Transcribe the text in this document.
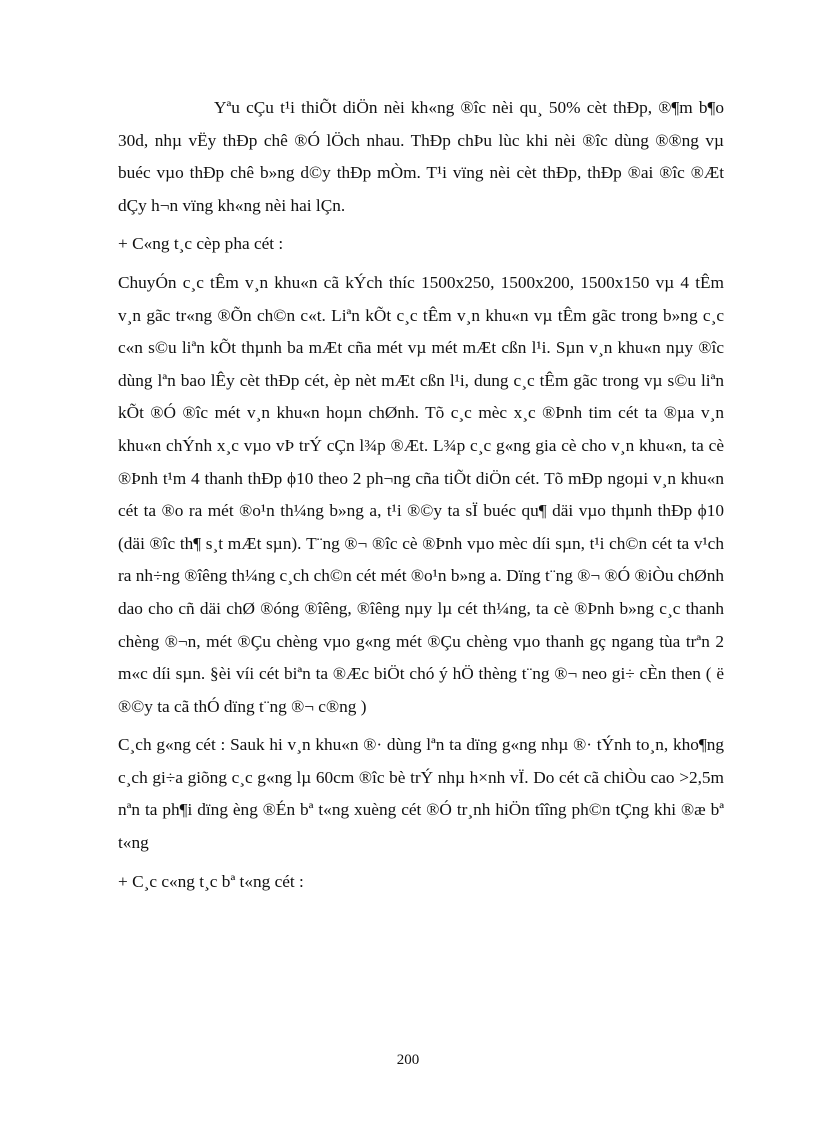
Yªu cÇu t¹i thiÕt diÖn nèi kh«ng ®îc nèi qu¸ 50% cèt thÐp, ®¶m b¶o 30d, nhµ vËy thÐp chê ®Ó lÖch nhau. ThÐp chÞu lùc khi nèi ®îc dùng ®®ng vµ buéc vµo thÐp chê b»ng d©y thÐp mÒm. T¹i vïng nèi cèt thÐp, thÐp ®ai ®îc ®Æt dÇy h¬n vïng kh«ng nèi hai lÇn.

+ C«ng t¸c cèp pha cét :

ChuyÓn c¸c tÊm v¸n khu«n cã kÝch thíc 1500x250, 1500x200, 1500x150 vµ 4 tÊm v¸n gãc tr«ng ®Õn ch©n c«t. Liªn kÕt c¸c tÊm v¸n khu«n vµ tÊm gãc trong b»ng c¸c c«n s©u liªn kÕt thµnh ba mÆt cña mét vµ mét mÆt cßn l¹i. Sµn v¸n khu«n nµy ®îc dùng lªn bao lÊy cèt thÐp cét, èp nèt mÆt cßn l¹i, dung c¸c tÊm gãc trong vµ s©u liªn kÕt ®Ó ®îc mét v¸n khu«n hoµn chØnh. Tõ c¸c mèc x¸c ®Þnh tim cét ta ®µa v¸n khu«n chÝnh x¸c vµo vÞ trÝ cÇn l¾p ®Æt. L¾p c¸c g«ng gia cè cho v¸n khu«n, ta cè ®Þnh t¹m 4 thanh thÐp ϕ10 theo 2 ph¬ng cña tiÕt diÖn cét. Tõ mÐp ngoµi v¸n khu«n cét ta ®o ra mét ®o¹n th¼ng b»ng a, t¹i ®©y ta sÏ buéc qu¶ däi vµo thµnh thÐp ϕ10 (däi ®îc th¶ s¸t mÆt sµn). T¨ng ®¬ ®îc cè ®Þnh vµo mèc díi sµn, t¹i ch©n cét ta v¹ch ra nh÷ng ®îêng th¼ng c¸ch ch©n cét mét ®o¹n b»ng a. Dïng t¨ng ®¬ ®Ó ®iÒu chØnh dao cho cñ däi chØ ®óng ®îêng, ®îêng nµy lµ cét th¼ng, ta cè ®Þnh b»ng c¸c thanh chèng ®¬n, mét ®Çu chèng vµo g«ng mét ®Çu chèng vµo thanh gç ngang tùa trªn 2 m«c díi sµn. §èi víi cét biªn ta ®Æc biÖt chó ý hÖ thèng t¨ng ®¬ neo gi÷ cÈn then ( ë ®©y ta cã thÓ dïng t¨ng ®¬ c®ng )

C¸ch g«ng cét : Sauk hi v¸n khu«n ®· dùng lªn ta dïng g«ng nhµ ®· tÝnh to¸n, kho¶ng c¸ch gi÷a giõng c¸c g«ng lµ 60cm ®îc bè trÝ nhµ h×nh vÏ. Do cét cã chiÒu cao >2,5m nªn ta ph¶i dïng èng ®Én bª t«ng xuèng cét ®Ó tr¸nh hiÖn tîîng ph©n tÇng khi ®æ bª t«ng

+ C¸c c«ng t¸c bª t«ng cét :

200
